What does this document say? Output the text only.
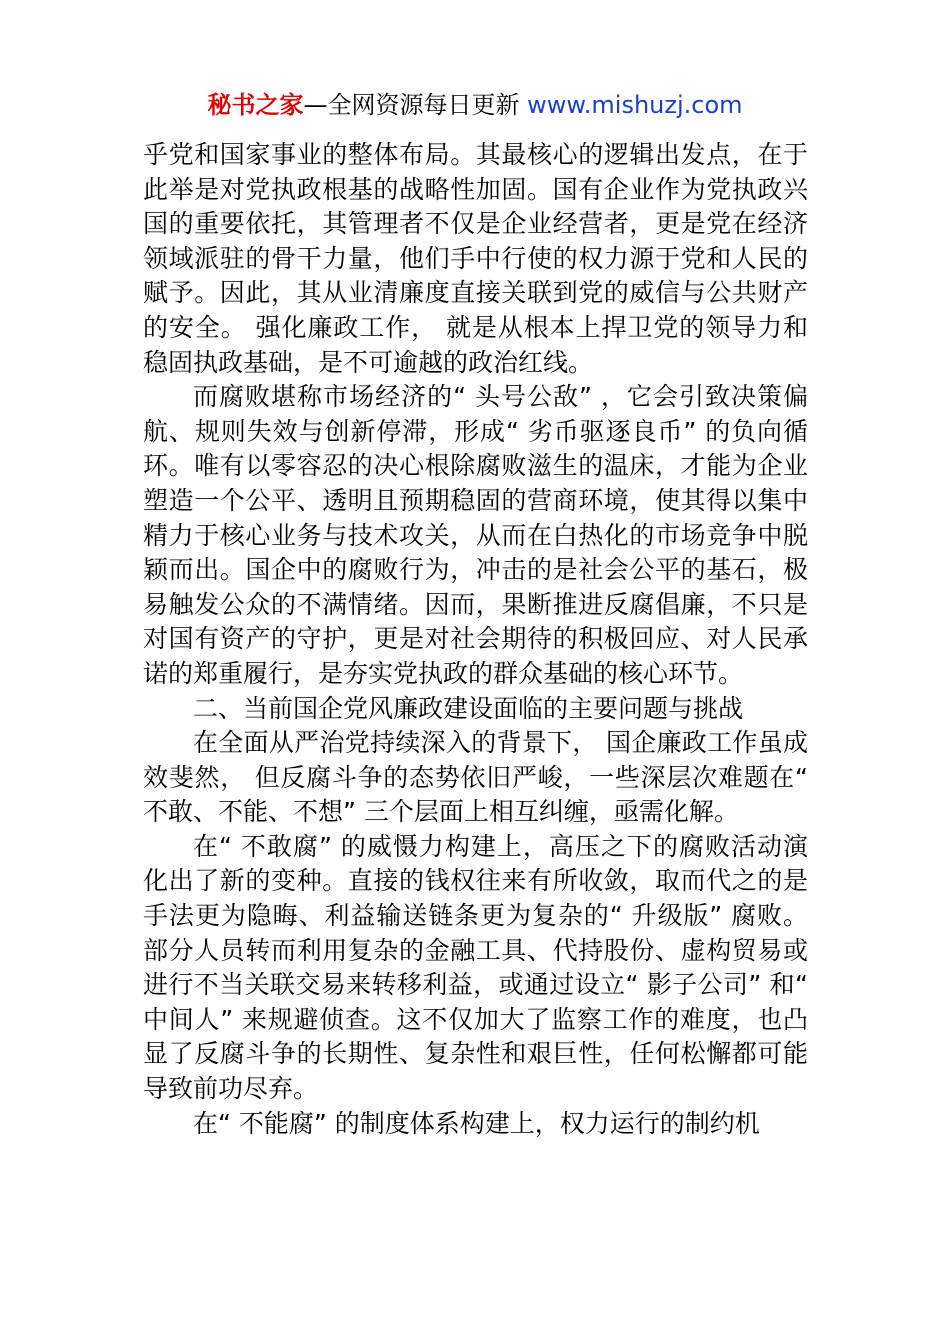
秘书之家—全网资源每日更新 www.mishuzj.com

乎党和国家事业的整体布局。其最核心的逻辑出发点，在于此举是对党执政根基的战略性加固。国有企业作为党执政兴国的重要依托，其管理者不仅是企业经营者，更是党在经济领域派驻的骨干力量，他们手中行使的权力源于党和人民的赋予。因此，其从业清廉度直接关联到党的威信与公共财产的安全。 强化廉政工作， 就是从根本上捍卫党的领导力和稳固执政基础，是不可逾越的政治红线。

而腐败堪称市场经济的“ 头号公敌” ，它会引致决策偏航、规则失效与创新停滞，形成“ 劣币驱逐良币” 的负向循环。唯有以零容忍的决心根除腐败滋生的温床，才能为企业塑造一个公平、透明且预期稳固的营商环境，使其得以集中精力于核心业务与技术攻关，从而在白热化的市场竞争中脱颖而出。国企中的腐败行为，冲击的是社会公平的基石，极易触发公众的不满情绪。因而，果断推进反腐倡廉，不只是对国有资产的守护，更是对社会期待的积极回应、对人民承诺的郑重履行，是夯实党执政的群众基础的核心环节。

二、当前国企党风廉政建设面临的主要问题与挑战

在全面从严治党持续深入的背景下， 国企廉政工作虽成效斐然， 但反腐斗争的态势依旧严峻，一些深层次难题在“ 不敢、不能、不想” 三个层面上相互纠缠，亟需化解。

在“ 不敢腐” 的威慑力构建上，高压之下的腐败活动演化出了新的变种。直接的钱权往来有所收敛，取而代之的是手法更为隐晦、利益输送链条更为复杂的“ 升级版” 腐败。部分人员转而利用复杂的金融工具、代持股份、虚构贸易或进行不当关联交易来转移利益，或通过设立“ 影子公司” 和“ 中间人” 来规避侦查。这不仅加大了监察工作的难度，也凸显了反腐斗争的长期性、复杂性和艰巨性，任何松懈都可能导致前功尽弃。

在“ 不能腐” 的制度体系构建上，权力运行的制约机
